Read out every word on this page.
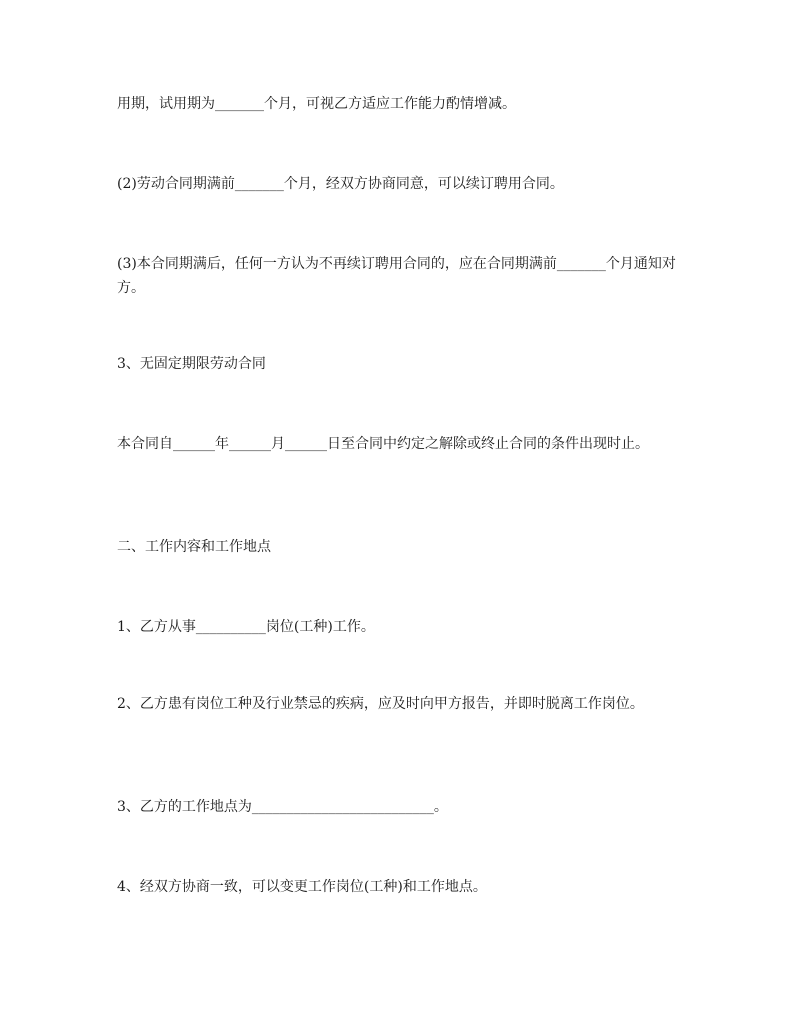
用期，试用期为_______个月，可视乙方适应工作能力酌情增减。

(2)劳动合同期满前_______个月，经双方协商同意，可以续订聘用合同。

(3)本合同期满后，任何一方认为不再续订聘用合同的，应在合同期满前_______个月通知对方。

3、无固定期限劳动合同

本合同自______年______月______日至合同中约定之解除或终止合同的条件出现时止。

二、工作内容和工作地点

1、乙方从事__________岗位(工种)工作。

2、乙方患有岗位工种及行业禁忌的疾病，应及时向甲方报告，并即时脱离工作岗位。

3、乙方的工作地点为__________________________。

4、经双方协商一致，可以变更工作岗位(工种)和工作地点。
